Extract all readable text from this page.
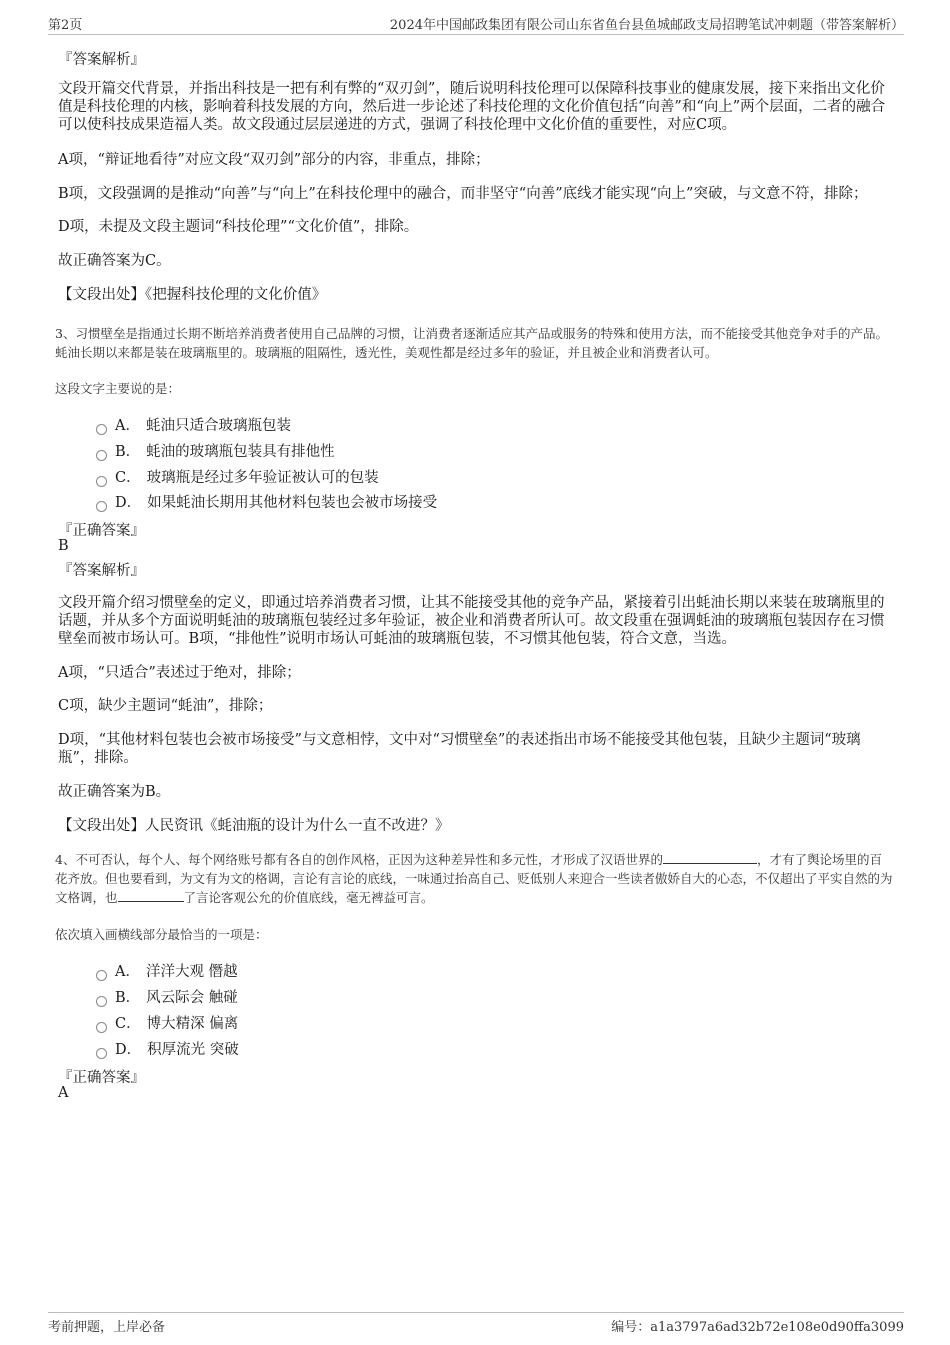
第2页	2024年中国邮政集团有限公司山东省鱼台县鱼城邮政支局招聘笔试冲刺题（带答案解析）
『答案解析』
文段开篇交代背景，并指出科技是一把有利有弊的“双刃剑”，随后说明科技伦理可以保障科技事业的健康发展，接下来指出文化价值是科技伦理的内核，影响着科技发展的方向，然后进一步论述了科技伦理的文化价值包括“向善”和“向上”两个层面，二者的融合可以使科技成果造福人类。故文段通过层层递进的方式，强调了科技伦理中文化价值的重要性，对应C项。
A项，“辩证地看待”对应文段“双刃剑”部分的内容，非重点，排除；
B项，文段强调的是推动“向善”与“向上”在科技伦理中的融合，而非坚守“向善”底线才能实现“向上”突破，与文意不符，排除；
D项，未提及文段主题词“科技伦理”“文化价值”，排除。
故正确答案为C。
【文段出处】《把握科技伦理的文化价值》
3、习惯壁垒是指通过长期不断培养消费者使用自己品牌的习惯，让消费者逐渐适应其产品或服务的特殊和使用方法，而不能接受其他竞争对手的产品。蚝油长期以来都是装在玻璃瓶里的。玻璃瓶的阻隔性，透光性，美观性都是经过多年的验证，并且被企业和消费者认可。
这段文字主要说的是：
A． 蚝油只适合玻璃瓶包装
B． 蚝油的玻璃瓶包装具有排他性
C． 玻璃瓶是经过多年验证被认可的包装
D． 如果蚝油长期用其他材料包装也会被市场接受
『正确答案』
B
『答案解析』
文段开篇介绍习惯壁垒的定义，即通过培养消费者习惯，让其不能接受其他的竞争产品，紧接着引出蚝油长期以来装在玻璃瓶里的话题，并从多个方面说明蚝油的玻璃瓶包装经过多年验证，被企业和消费者所认可。故文段重在强调蚝油的玻璃瓶包装因存在习惯壁垒而被市场认可。B项，“排他性”说明市场认可蚝油的玻璃瓶包装，不习惯其他包装，符合文意，当选。
A项，“只适合”表述过于绝对，排除；
C项，缺少主题词“蚝油”，排除；
D项，“其他材料包装也会被市场接受”与文意相悖，文中对“习惯壁垒”的表述指出市场不能接受其他包装，且缺少主题词“玻璃瓶”，排除。
故正确答案为B。
【文段出处】人民资讯《蚝油瓶的设计为什么一直不改进？》
4、不可否认，每个人、每个网络账号都有各自的创作风格，正因为这种差异性和多元性，才形成了汉语世界的	，才有了舆论场里的百花齐放。但也要看到，为文有为文的格调，言论有言论的底线，一味通过抬高自己、贬低别人来迎合一些读者傲娇自大的心态，不仅超出了平实自然的为文格调，也	了言论客观公允的价值底线，毫无裨益可言。
依次填入画横线部分最恰当的一项是：
A． 洋洋大观 僭越
B． 风云际会 触碰
C． 博大精深 偏离
D． 积厚流光 突破
『正确答案』
A
考前押题，上岸必备	编号：a1a3797a6ad32b72e108e0d90ffa3099
